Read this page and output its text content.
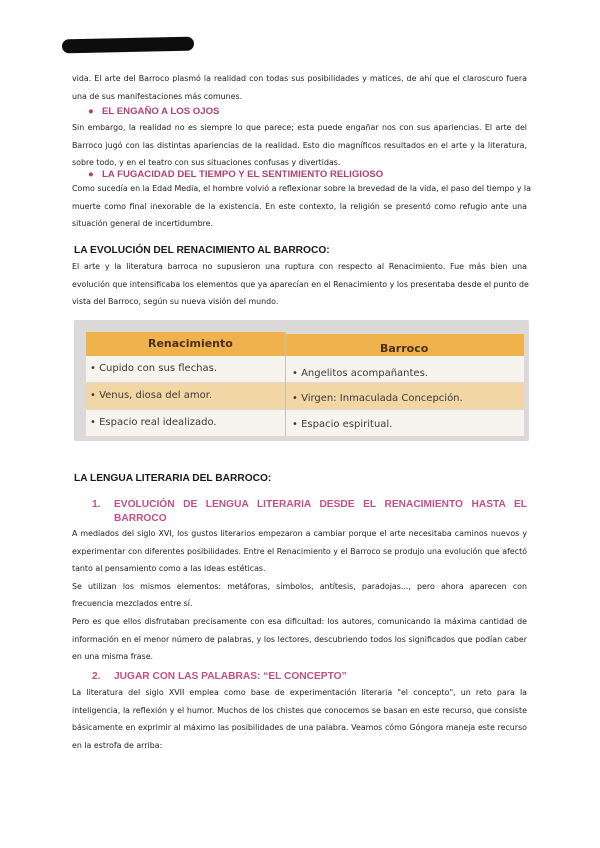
vida. El arte del Barroco plasmó la realidad con todas sus posibilidades y matices, de ahí que el claroscuro fuera
una de sus manifestaciones más comunes.
● EL ENGAÑO A LOS OJOS
Sin embargo, la realidad no es siempre lo que parece; esta puede engañar nos con sus apariencias. El arte del
Barroco jugó con las distintas apariencias de la realidad. Esto dio magníficos resultados en el arte y la literatura,
sobre todo, y en el teatro con sus situaciones confusas y divertidas.
● LA FUGACIDAD DEL TIEMPO Y EL SENTIMIENTO RELIGIOSO
Como sucedía en la Edad Media, el hombre volvió a reflexionar sobre la brevedad de la vida, el paso del tiempo y la
muerte como final inexorable de la existencia. En este contexto, la religión se presentó como refugio ante una
situación general de incertidumbre.
LA EVOLUCIÓN DEL RENACIMIENTO AL BARROCO:
El arte y la literatura barroca no supusieron una ruptura con respecto al Renacimiento. Fue más bien una
evolución que intensificaba los elementos que ya aparecían en el Renacimiento y los presentaba desde el punto de
vista del Barroco, según su nueva visión del mundo.
Renacimiento	Barroco
• Cupido con sus flechas.	• Angelitos acompañantes.
• Venus, diosa del amor.	• Virgen: Inmaculada Concepción.
• Espacio real idealizado.	• Espacio espiritual.
LA LENGUA LITERARIA DEL BARROCO:
1.	EVOLUCIÓN DE LENGUA LITERARIA DESDE EL RENACIMIENTO HASTA EL
BARROCO
A mediados del siglo XVI, los gustos literarios empezaron a cambiar porque el arte necesitaba caminos nuevos y
experimentar con diferentes posibilidades. Entre el Renacimiento y el Barroco se produjo una evolución que afectó
tanto al pensamiento como a las ideas estéticas.
Se utilizan los mismos elementos: metáforas, símbolos, antítesis, paradojas..., pero ahora aparecen con
frecuencia mezclados entre sí.
Pero es que ellos disfrutaban precisamente con esa dificultad: los autores, comunicando la máxima cantidad de
información en el menor número de palabras, y los lectores, descubriendo todos los significados que podían caber
en una misma frase.
2. JUGAR CON LAS PALABRAS: “EL CONCEPTO”
La literatura del siglo XVII emplea como base de experimentación literaria "el concepto", un reto para la
inteligencia, la reflexión y el humor. Muchos de los chistes que conocemos se basan en este recurso, que consiste
básicamente en exprimir al máximo las posibilidades de una palabra. Veamos cómo Góngora maneja este recurso
en la estrofa de arriba:
